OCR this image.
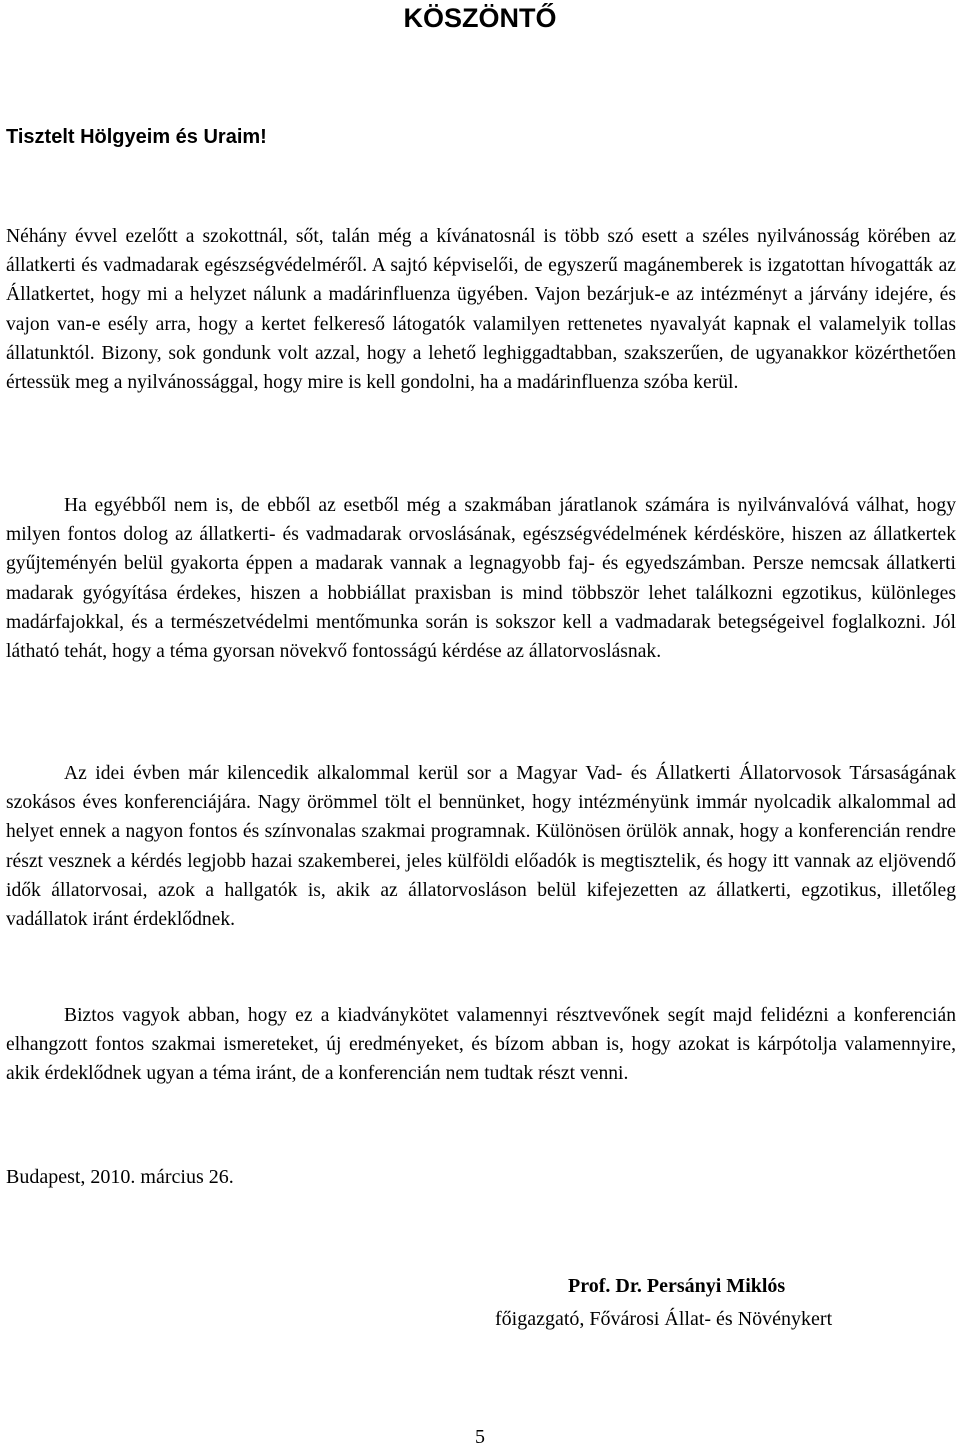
KÖSZÖNTŐ

Tisztelt Hölgyeim és Uraim!

Néhány évvel ezelőtt a szokottnál, sőt, talán még a kívánatosnál is több szó esett a széles nyilvánosság körében az állatkerti és vadmadarak egészségvédelméről. A sajtó képviselői, de egyszerű magánemberek is izgatottan hívogatták az Állatkertet, hogy mi a helyzet nálunk a madárinfluenza ügyében. Vajon bezárjuk-e az intézményt a járvány idejére, és vajon van-e esély arra, hogy a kertet felkereső látogatók valamilyen rettenetes nyavalyát kapnak el valamelyik tollas állatunktól. Bizony, sok gondunk volt azzal, hogy a lehető leghiggadtabban, szakszerűen, de ugyanakkor közérthetően értessük meg a nyilvánossággal, hogy mire is kell gondolni, ha a madárinfluenza szóba kerül.

Ha egyébből nem is, de ebből az esetből még a szakmában járatlanok számára is nyilvánvalóvá válhat, hogy milyen fontos dolog az állatkerti- és vadmadarak orvoslásának, egészségvédelmének kérdésköre, hiszen az állatkertek gyűjteményén belül gyakorta éppen a madarak vannak a legnagyobb faj- és egyedszámban. Persze nemcsak állatkerti madarak gyógyítása érdekes, hiszen a hobbiállat praxisban is mind többször lehet találkozni egzotikus, különleges madárfajokkal, és a természetvédelmi mentőmunka során is sokszor kell a vadmadarak betegségeivel foglalkozni. Jól látható tehát, hogy a téma gyorsan növekvő fontosságú kérdése az állatorvoslásnak.

Az idei évben már kilencedik alkalommal kerül sor a Magyar Vad- és Állatkerti Állatorvosok Társaságának szokásos éves konferenciájára. Nagy örömmel tölt el bennünket, hogy intézményünk immár nyolcadik alkalommal ad helyet ennek a nagyon fontos és színvonalas szakmai programnak. Különösen örülök annak, hogy a konferencián rendre részt vesznek a kérdés legjobb hazai szakemberei, jeles külföldi előadók is megtisztelik, és hogy itt vannak az eljövendő idők állatorvosai, azok a hallgatók is, akik az állatorvosláson belül kifejezetten az állatkerti, egzotikus, illetőleg vadállatok iránt érdeklődnek.

Biztos vagyok abban, hogy ez a kiadványkötet valamennyi résztvevőnek segít majd felidézni a konferencián elhangzott fontos szakmai ismereteket, új eredményeket, és bízom abban is, hogy azokat is kárpótolja valamennyire, akik érdeklődnek ugyan a téma iránt, de a konferencián nem tudtak részt venni.

Budapest, 2010. március 26.

Prof. Dr. Persányi Miklós

főigazgató, Fővárosi Állat- és Növénykert

5
